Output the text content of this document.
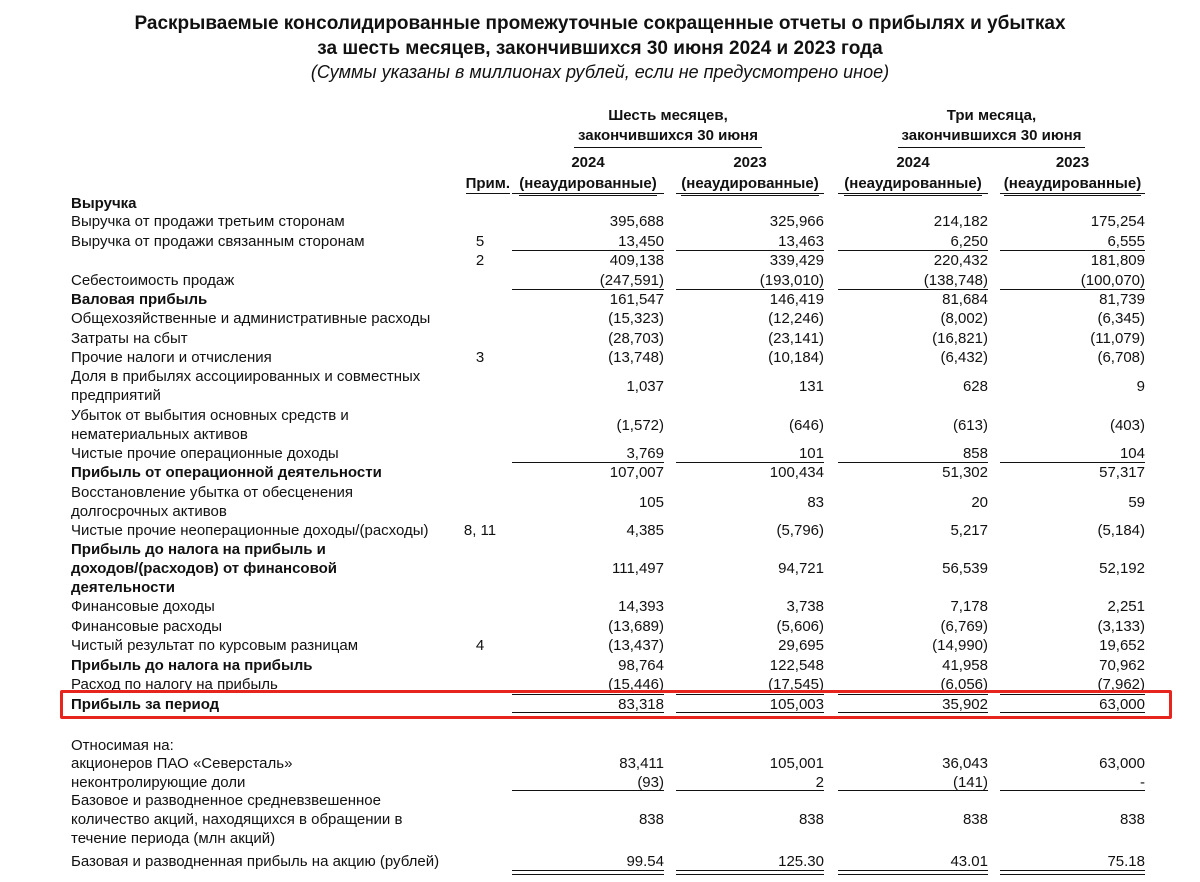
Раскрываемые консолидированные промежуточные сокращенные отчеты о прибылях и убытках
за шесть месяцев, закончившихся 30 июня 2024 и 2023 года
(Суммы указаны в миллионах рублей, если не предусмотрено иное)
Шесть месяцев,
закончившихся 30 июня
Три месяца,
закончившихся 30 июня
Прим.
2024
(неаудированные)
2023
(неаудированные)
2024
(неаудированные)
2023
(неаудированные)
Выручка
Выручка от продажи третьим сторонам	395,688	325,966	214,182	175,254
Выручка от продажи связанным сторонам	5	13,450	13,463	6,250	6,555
2	409,138	339,429	220,432	181,809
Себестоимость продаж	(247,591)	(193,010)	(138,748)	(100,070)
Валовая прибыль	161,547	146,419	81,684	81,739
Общехозяйственные и административные расходы	(15,323)	(12,246)	(8,002)	(6,345)
Затраты на сбыт	(28,703)	(23,141)	(16,821)	(11,079)
Прочие налоги и отчисления	3	(13,748)	(10,184)	(6,432)	(6,708)
Доля в прибылях ассоциированных и совместных предприятий
1,037	131	628	9
Убыток от выбытия основных средств и нематериальных активов
(1,572)	(646)	(613)	(403)
Чистые прочие операционные доходы	3,769	101	858	104
Прибыль от операционной деятельности	107,007	100,434	51,302	57,317
Восстановление убытка от обесценения долгосрочных активов
105	83	20	59
Чистые прочие неоперационные доходы/(расходы)	8, 11	4,385	(5,796)	5,217	(5,184)
Прибыль до налога на прибыль и доходов/(расходов) от финансовой деятельности
111,497	94,721	56,539	52,192
Финансовые доходы	14,393	3,738	7,178	2,251
Финансовые расходы	(13,689)	(5,606)	(6,769)	(3,133)
Чистый результат по курсовым разницам	4	(13,437)	29,695	(14,990)	19,652
Прибыль до налога на прибыль	98,764	122,548	41,958	70,962
Расход по налогу на прибыль	(15,446)	(17,545)	(6,056)	(7,962)
Прибыль за период	83,318	105,003	35,902	63,000
Относимая на:
акционеров ПАО «Северсталь»	83,411	105,001	36,043	63,000
неконтролирующие доли	(93)	2	(141)	-
Базовое и разводненное средневзвешенное количество акций, находящихся в обращении в течение периода (млн акций)
838	838	838	838
Базовая и разводненная прибыль на акцию (рублей)	99.54	125.30	43.01	75.18
